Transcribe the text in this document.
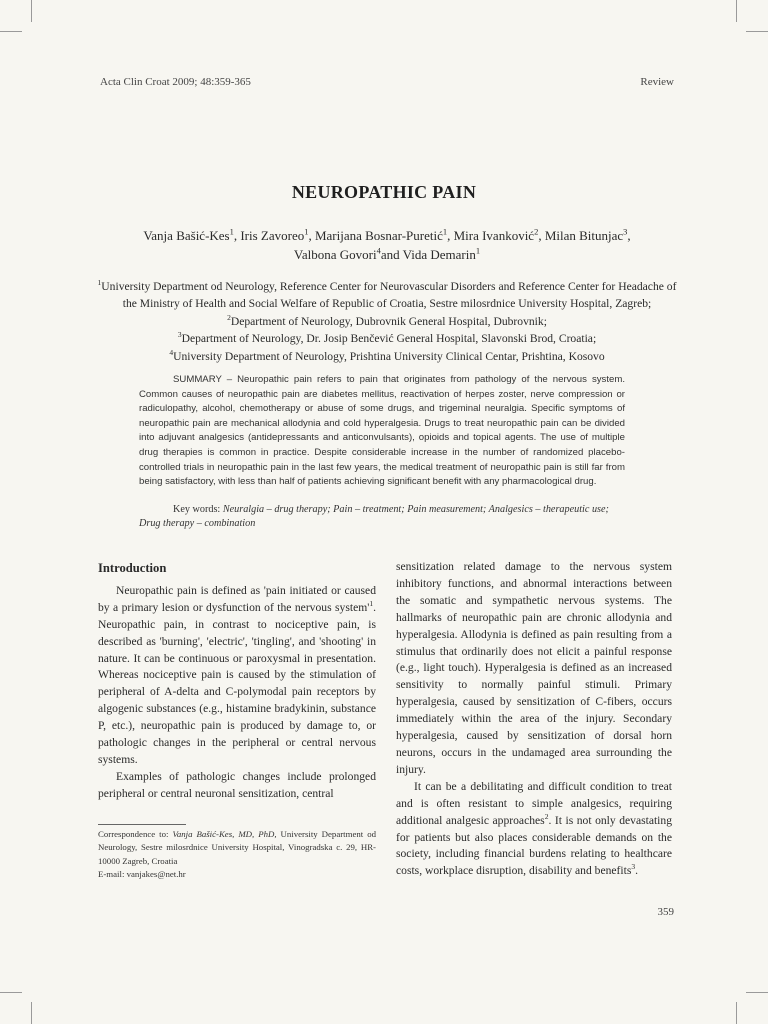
Acta Clin Croat 2009; 48:359-365	Review
NEUROPATHIC PAIN
Vanja Bašić-Kes$^1$, Iris Zavoreo$^1$, Marijana Bosnar-Puretić$^1$, Mira Ivanković$^2$, Milan Bitunjac$^3$,
Valbona Govori$^4$and Vida Demarin$^1$
$^1$University Department od Neurology, Reference Center for Neurovascular Disorders and Reference Center for Headache of the Ministry of Health and Social Welfare of Republic of Croatia, Sestre milosrdnice University Hospital, Zagreb; $^2$Department of Neurology, Dubrovnik General Hospital, Dubrovnik;
$^3$Department of Neurology, Dr. Josip Benčević General Hospital, Slavonski Brod, Croatia;
$^4$University Department of Neurology, Prishtina University Clinical Centar, Prishtina, Kosovo
SUMMARY – Neuropathic pain refers to pain that originates from pathology of the nervous system. Common causes of neuropathic pain are diabetes mellitus, reactivation of herpes zoster, nerve compression or radiculopathy, alcohol, chemotherapy or abuse of some drugs, and trigeminal neuralgia. Specific symptoms of neuropathic pain are mechanical allodynia and cold hyperalgesia. Drugs to treat neuropathic pain can be divided into adjuvant analgesics (antidepressants and anticonvulsants), opioids and topical agents. The use of multiple drug therapies is common in practice. Despite considerable increase in the number of randomized placebo-controlled trials in neuropathic pain in the last few years, the medical treatment of neuropathic pain is still far from being satisfactory, with less than half of patients achieving significant benefit with any pharmacological drug.
Key words: Neuralgia – drug therapy; Pain – treatment; Pain measurement; Analgesics – therapeutic use; Drug therapy – combination
Introduction

Neuropathic pain is defined as 'pain initiated or caused by a primary lesion or dysfunction of the nervous $system'^1$. Neuropathic pain, in contrast to nociceptive pain, is described as 'burning', 'electric', 'tingling', and 'shooting' in nature. It can be continuous or paroxysmal in presentation. Whereas nociceptive pain is caused by the stimulation of peripheral of A-delta and C-polymodal pain receptors by algogenic substances (e.g., histamine bradykinin, substance P, etc.), neuropathic pain is produced by damage to, or pathologic changes in the peripheral or central nervous systems.

Examples of pathologic changes include prolonged peripheral or central neuronal sensitization, central

sensitization related damage to the nervous system inhibitory functions, and abnormal interactions between the somatic and sympathetic nervous systems. The hallmarks of neuropathic pain are chronic allodynia and hyperalgesia. Allodynia is defined as pain resulting from a stimulus that ordinarily does not elicit a painful response (e.g., light touch). Hyperalgesia is defined as an increased sensitivity to normally painful stimuli. Primary hyperalgesia, caused by sensitization of C-fibers, occurs immediately within the area of the injury. Secondary hyperalgesia, caused by sensitization of dorsal horn neurons, occurs in the undamaged area surrounding the injury.

It can be a debilitating and difficult condition to treat and is often resistant to simple analgesics, requiring additional analgesic approaches$^2$. It is not only devastating for patients but also places considerable demands on the society, including financial burdens relating to healthcare costs, workplace disruption, disability and benefits$^3$.

Correspondence to: Vanja Bašić-Kes, MD, PhD, University Department od Neurology, Sestre milosrdnice University Hospital, Vinogradska c. 29, HR-10000 Zagreb, Croatia

E-mail: vanjakes@net.hr

359
